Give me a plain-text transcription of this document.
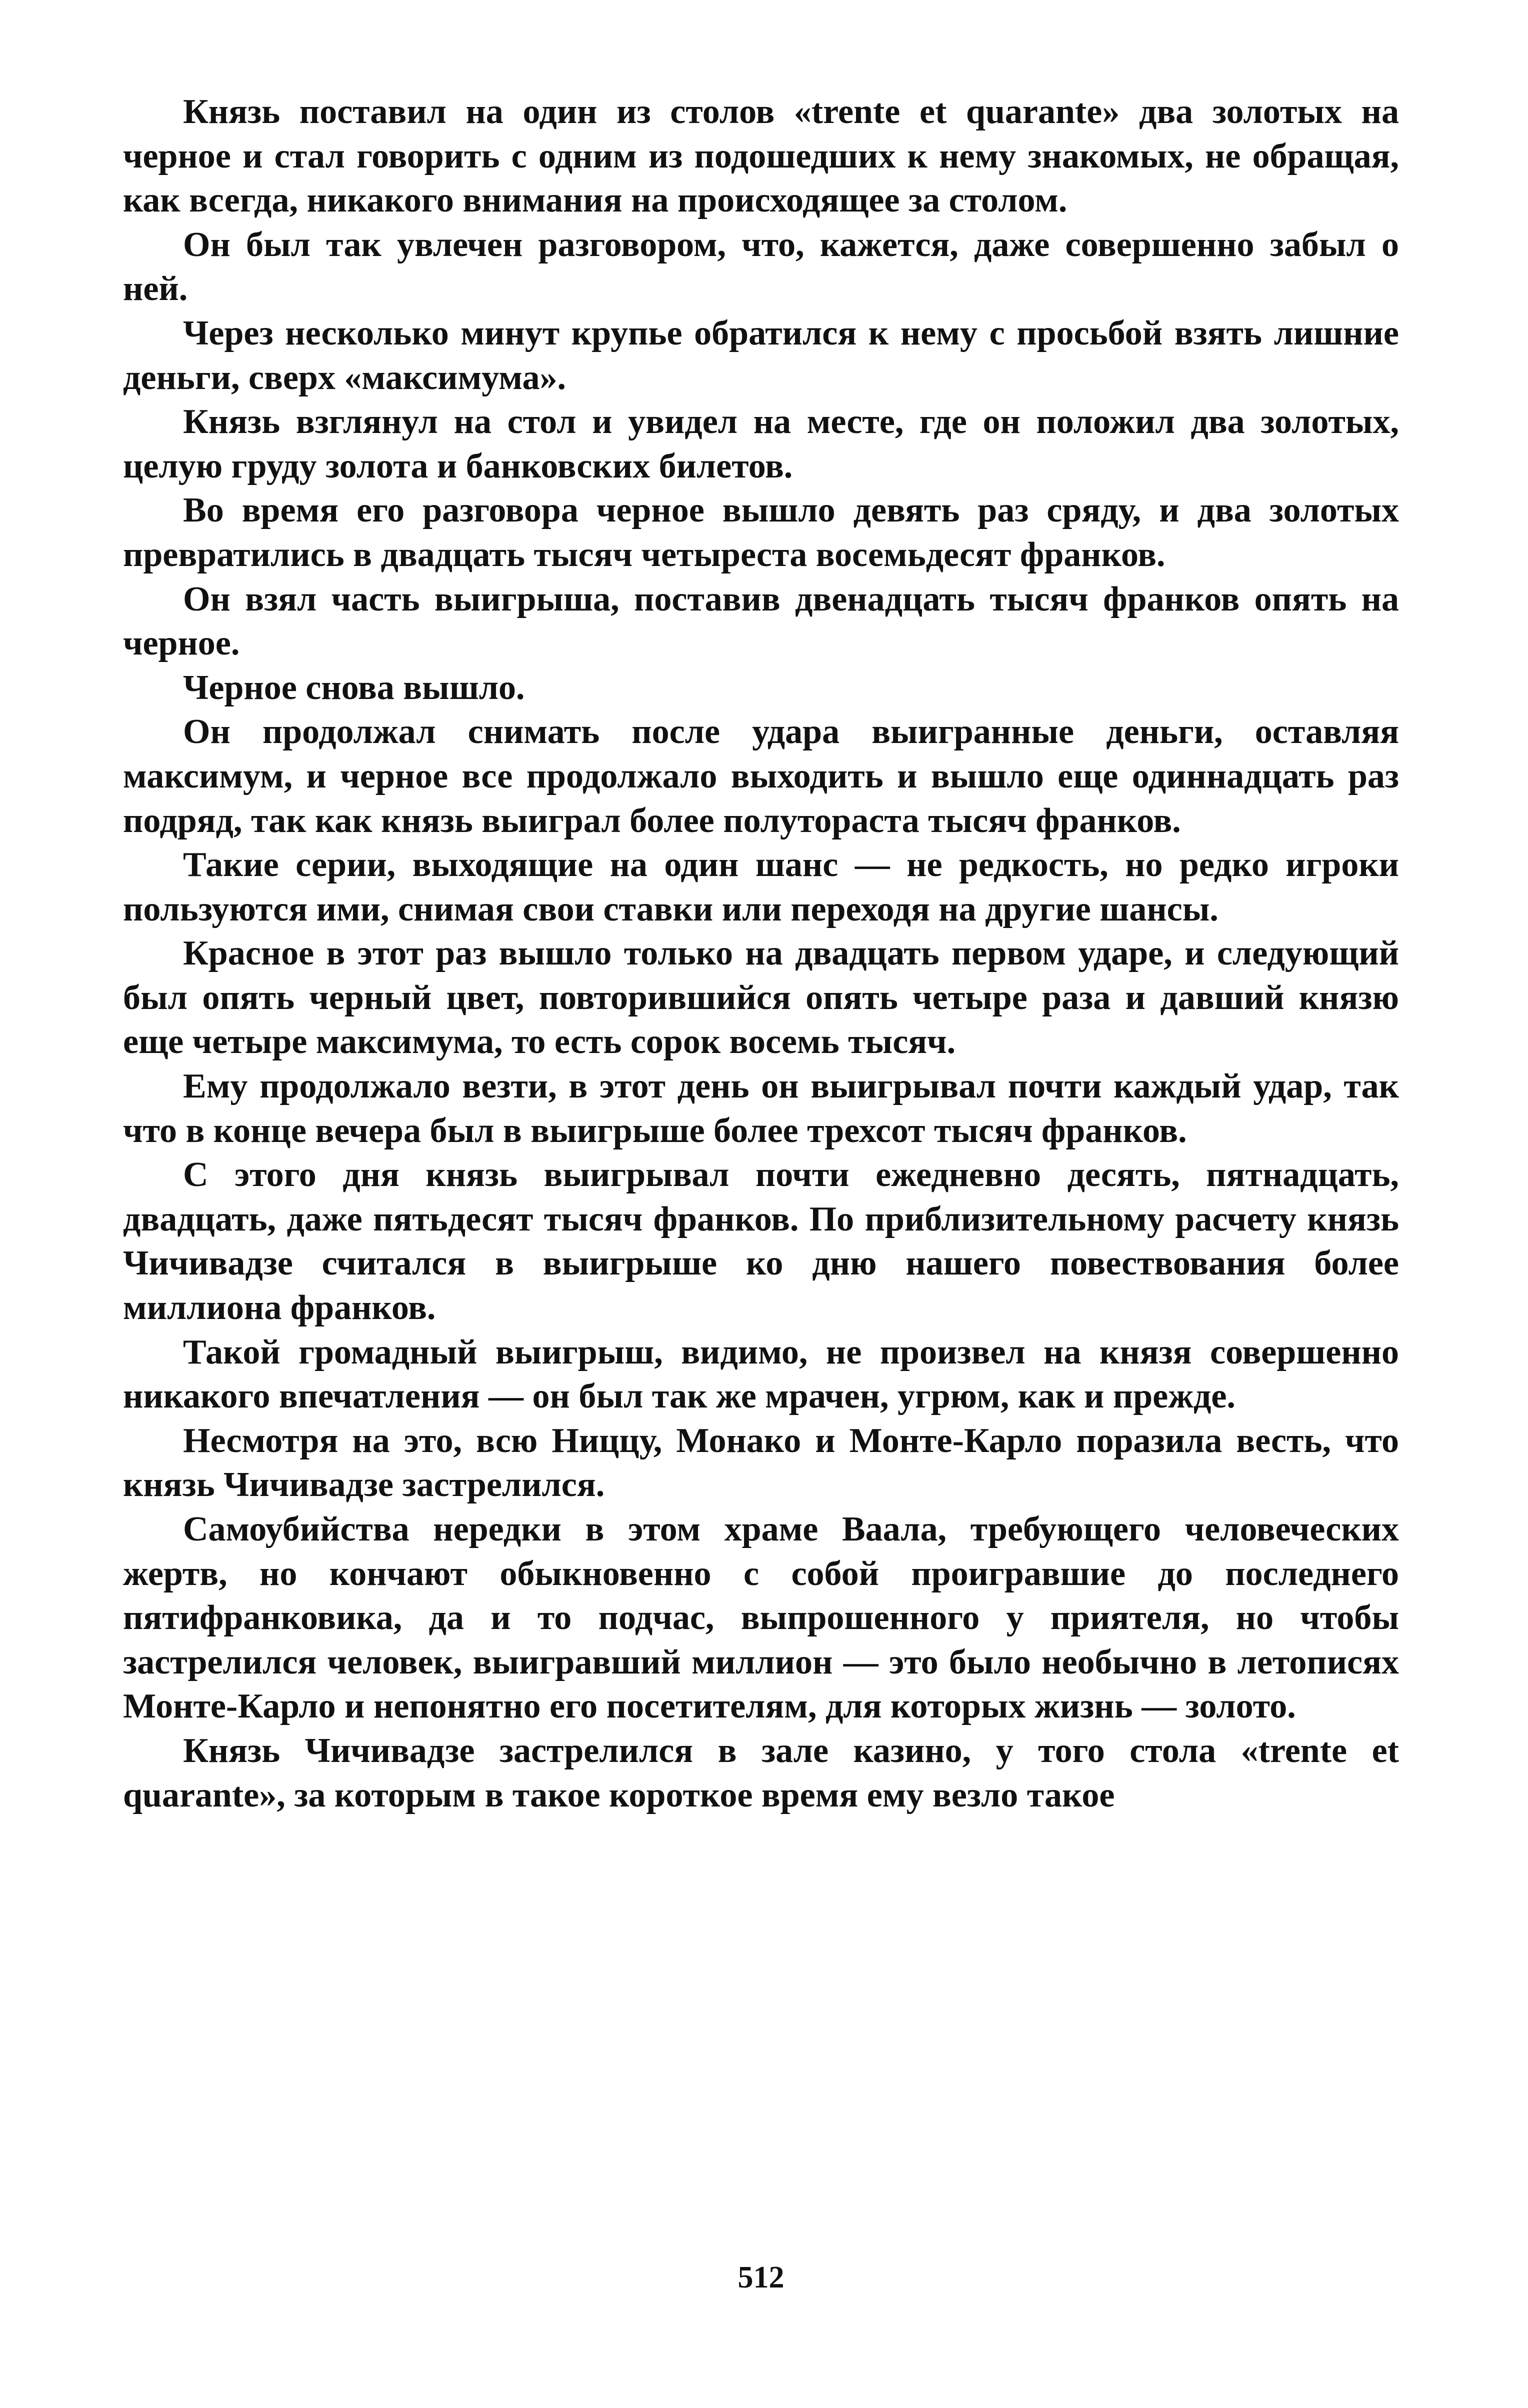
Князь поставил на один из столов «trente et quarante» два золотых на черное и стал говорить с одним из подошедших к нему знакомых, не обращая, как всегда, никакого внимания на происходящее за столом.

Он был так увлечен разговором, что, кажется, даже совершенно забыл о ней.

Через несколько минут крупье обратился к нему с просьбой взять лишние деньги, сверх «максимума».

Князь взглянул на стол и увидел на месте, где он положил два золотых, целую груду золота и банковских билетов.

Во время его разговора черное вышло девять раз сряду, и два золотых превратились в двадцать тысяч четыреста восемьдесят франков.

Он взял часть выигрыша, поставив двенадцать тысяч франков опять на черное.

Черное снова вышло.

Он продолжал снимать после удара выигранные деньги, оставляя максимум, и черное все продолжало выходить и вышло еще одиннадцать раз подряд, так как князь выиграл более полутораста тысяч франков.

Такие серии, выходящие на один шанс — не редкость, но редко игроки пользуются ими, снимая свои ставки или переходя на другие шансы.

Красное в этот раз вышло только на двадцать первом ударе, и следующий был опять черный цвет, повторившийся опять четыре раза и давший князю еще четыре максимума, то есть сорок восемь тысяч.

Ему продолжало везти, в этот день он выигрывал почти каждый удар, так что в конце вечера был в выигрыше более трехсот тысяч франков.

С этого дня князь выигрывал почти ежедневно десять, пятнадцать, двадцать, даже пятьдесят тысяч франков. По приблизительному расчету князь Чичивадзе считался в выигрыше ко дню нашего повествования более миллиона франков.

Такой громадный выигрыш, видимо, не произвел на князя совершенно никакого впечатления — он был так же мрачен, угрюм, как и прежде.

Несмотря на это, всю Ниццу, Монако и Монте-Карло поразила весть, что князь Чичивадзе застрелился.

Самоубийства нередки в этом храме Ваала, требующего человеческих жертв, но кончают обыкновенно с собой проигравшие до последнего пятифранковика, да и то подчас, выпрошенного у приятеля, но чтобы застрелился человек, выигравший миллион — это было необычно в летописях Монте-Карло и непонятно его посетителям, для которых жизнь — золото.

Князь Чичивадзе застрелился в зале казино, у того стола «trente et quarante», за которым в такое короткое время ему везло такое

512
